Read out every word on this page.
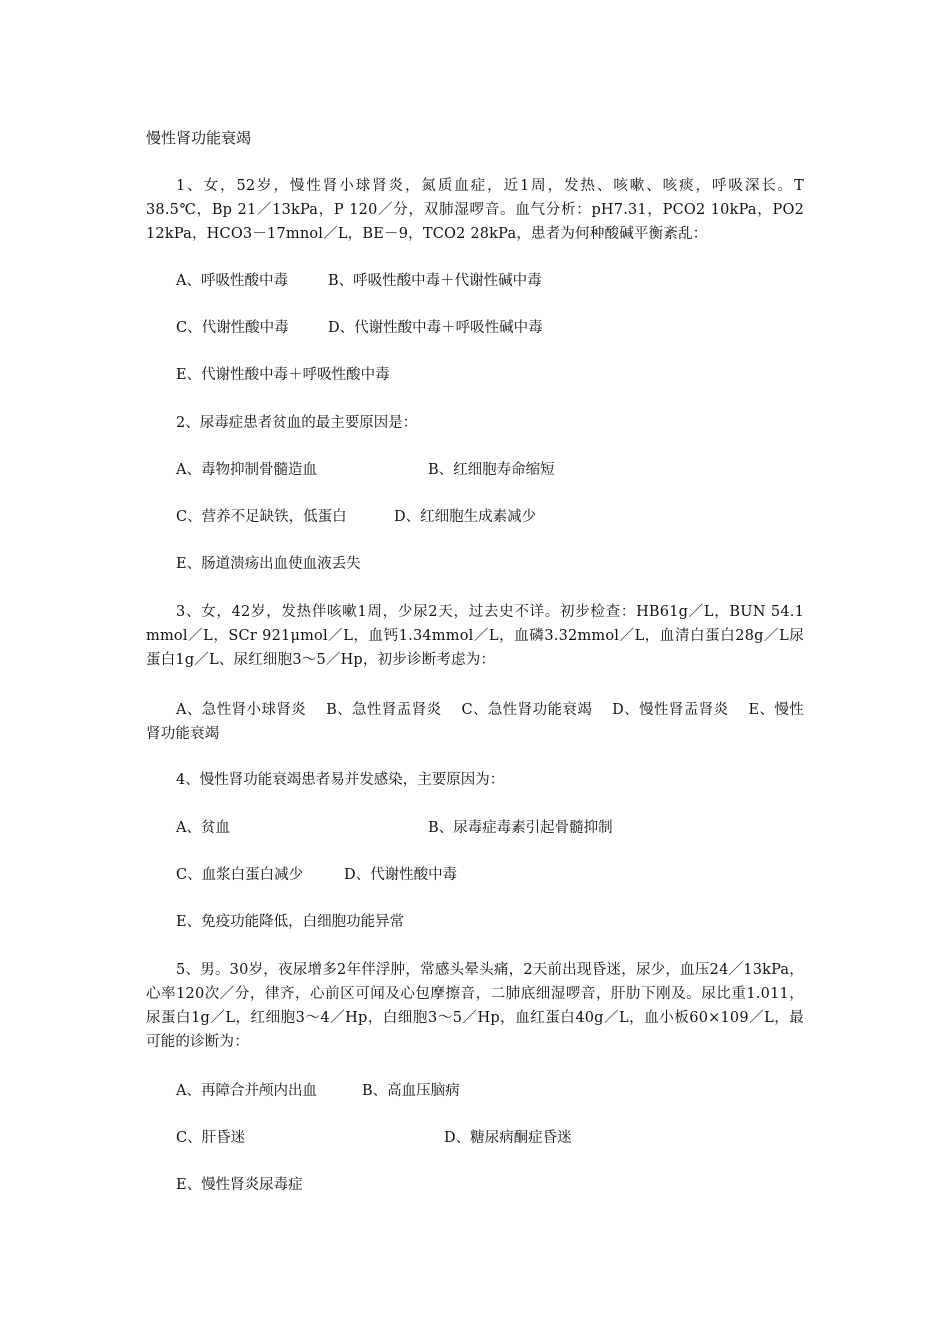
慢性肾功能衰竭
1、女，52岁，慢性肾小球肾炎，氮质血症，近1周，发热、咳嗽、咳痰，呼吸深长。T 38.5℃，Bp 21／13kPa，P 120／分，双肺湿啰音。血气分析：pH7.31，PCO2 10kPa，PO2 12kPa，HCO3－17mnol／L，BE－9，TCO2 28kPa，患者为何种酸碱平衡紊乱：
A、呼吸性酸中毒	B、呼吸性酸中毒＋代谢性碱中毒
C、代谢性酸中毒	D、代谢性酸中毒＋呼吸性碱中毒
E、代谢性酸中毒＋呼吸性酸中毒
2、尿毒症患者贫血的最主要原因是：
A、毒物抑制骨髓造血	B、红细胞寿命缩短
C、营养不足缺铁，低蛋白	D、红细胞生成素减少
E、肠道溃疡出血使血液丢失
3、女，42岁，发热伴咳嗽1周，少尿2天，过去史不详。初步检查：HB61g／L，BUN 54.1 mmol／L，SCr 921μmol／L，血钙1.34mmol／L，血磷3.32mmol／L，血清白蛋白28g／L尿蛋白1g／L、尿红细胞3～5／Hp，初步诊断考虑为：
A、急性肾小球肾炎　 B、急性肾盂肾炎　 C、急性肾功能衰竭　 D、慢性肾盂肾炎　 E、慢性肾功能衰竭
4、慢性肾功能衰竭患者易并发感染，主要原因为：
A、贫血	B、尿毒症毒素引起骨髓抑制
C、血浆白蛋白减少	D、代谢性酸中毒
E、免疫功能降低，白细胞功能异常
5、男。30岁，夜尿增多2年伴浮肿，常感头晕头痛，2天前出现昏迷，尿少，血压24／13kPa，心率120次／分，律齐，心前区可闻及心包摩擦音，二肺底细湿啰音，肝肋下刚及。尿比重1.011，尿蛋白1g／L，红细胞3～4／Hp，白细胞3～5／Hp，血红蛋白40g／L，血小板60×109／L，最可能的诊断为：
A、再障合并颅内出血	B、高血压脑病
C、肝昏迷	D、糖尿病酮症昏迷
E、慢性肾炎尿毒症
